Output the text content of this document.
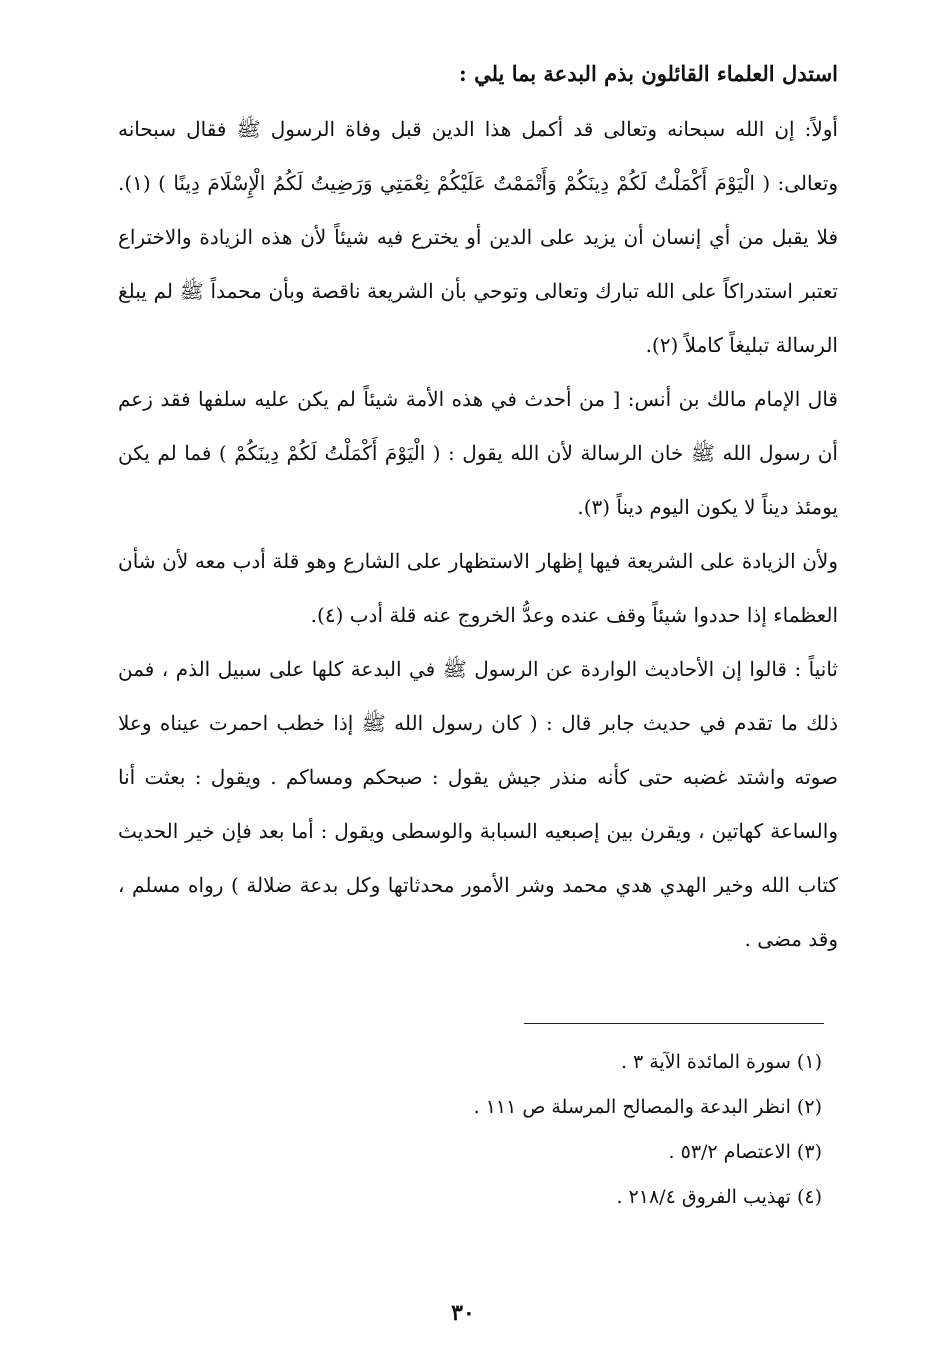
استدل العلماء القائلون بذم البدعة بما يلي :

أولاً: إن الله سبحانه وتعالى قد أكمل هذا الدين قبل وفاة الرسول ﷺ فقال سبحانه وتعالى: ( الْيَوْمَ أَكْمَلْتُ لَكُمْ دِينَكُمْ وَأَتْمَمْتُ عَلَيْكُمْ نِعْمَتِي وَرَضِيتُ لَكُمُ الْإِسْلَامَ دِينًا ) (١). فلا يقبل من أي إنسان أن يزيد على الدين أو يخترع فيه شيئاً لأن هذه الزيادة والاختراع تعتبر استدراكاً على الله تبارك وتعالى وتوحي بأن الشريعة ناقصة وبأن محمداً ﷺ لم يبلغ الرسالة تبليغاً كاملاً (٢).

قال الإمام مالك بن أنس: [ من أحدث في هذه الأمة شيئاً لم يكن عليه سلفها فقد زعم أن رسول الله ﷺ خان الرسالة لأن الله يقول : ( الْيَوْمَ أَكْمَلْتُ لَكُمْ دِينَكُمْ ) فما لم يكن يومئذ ديناً لا يكون اليوم ديناً (٣).

ولأن الزيادة على الشريعة فيها إظهار الاستظهار على الشارع وهو قلة أدب معه لأن شأن العظماء إذا حددوا شيئاً وقف عنده وعدُّ الخروج عنه قلة أدب (٤).

ثانياً : قالوا إن الأحاديث الواردة عن الرسول ﷺ في البدعة كلها على سبيل الذم ، فمن ذلك ما تقدم في حديث جابر قال : ( كان رسول الله ﷺ إذا خطب احمرت عيناه وعلا صوته واشتد غضبه حتى كأنه منذر جيش يقول : صبحكم ومساكم . ويقول : بعثت أنا والساعة كهاتين ، ويقرن بين إصبعيه السبابة والوسطى ويقول : أما بعد فإن خير الحديث كتاب الله وخير الهدي هدي محمد وشر الأمور محدثاتها وكل بدعة ضلالة ) رواه مسلم ، وقد مضى .

(١) سورة المائدة الآية ٣ .

(٢) انظر البدعة والمصالح المرسلة ص ١١١ .

(٣) الاعتصام ٥٣/٢ .

(٤) تهذيب الفروق ٢١٨/٤ .

٣٠
